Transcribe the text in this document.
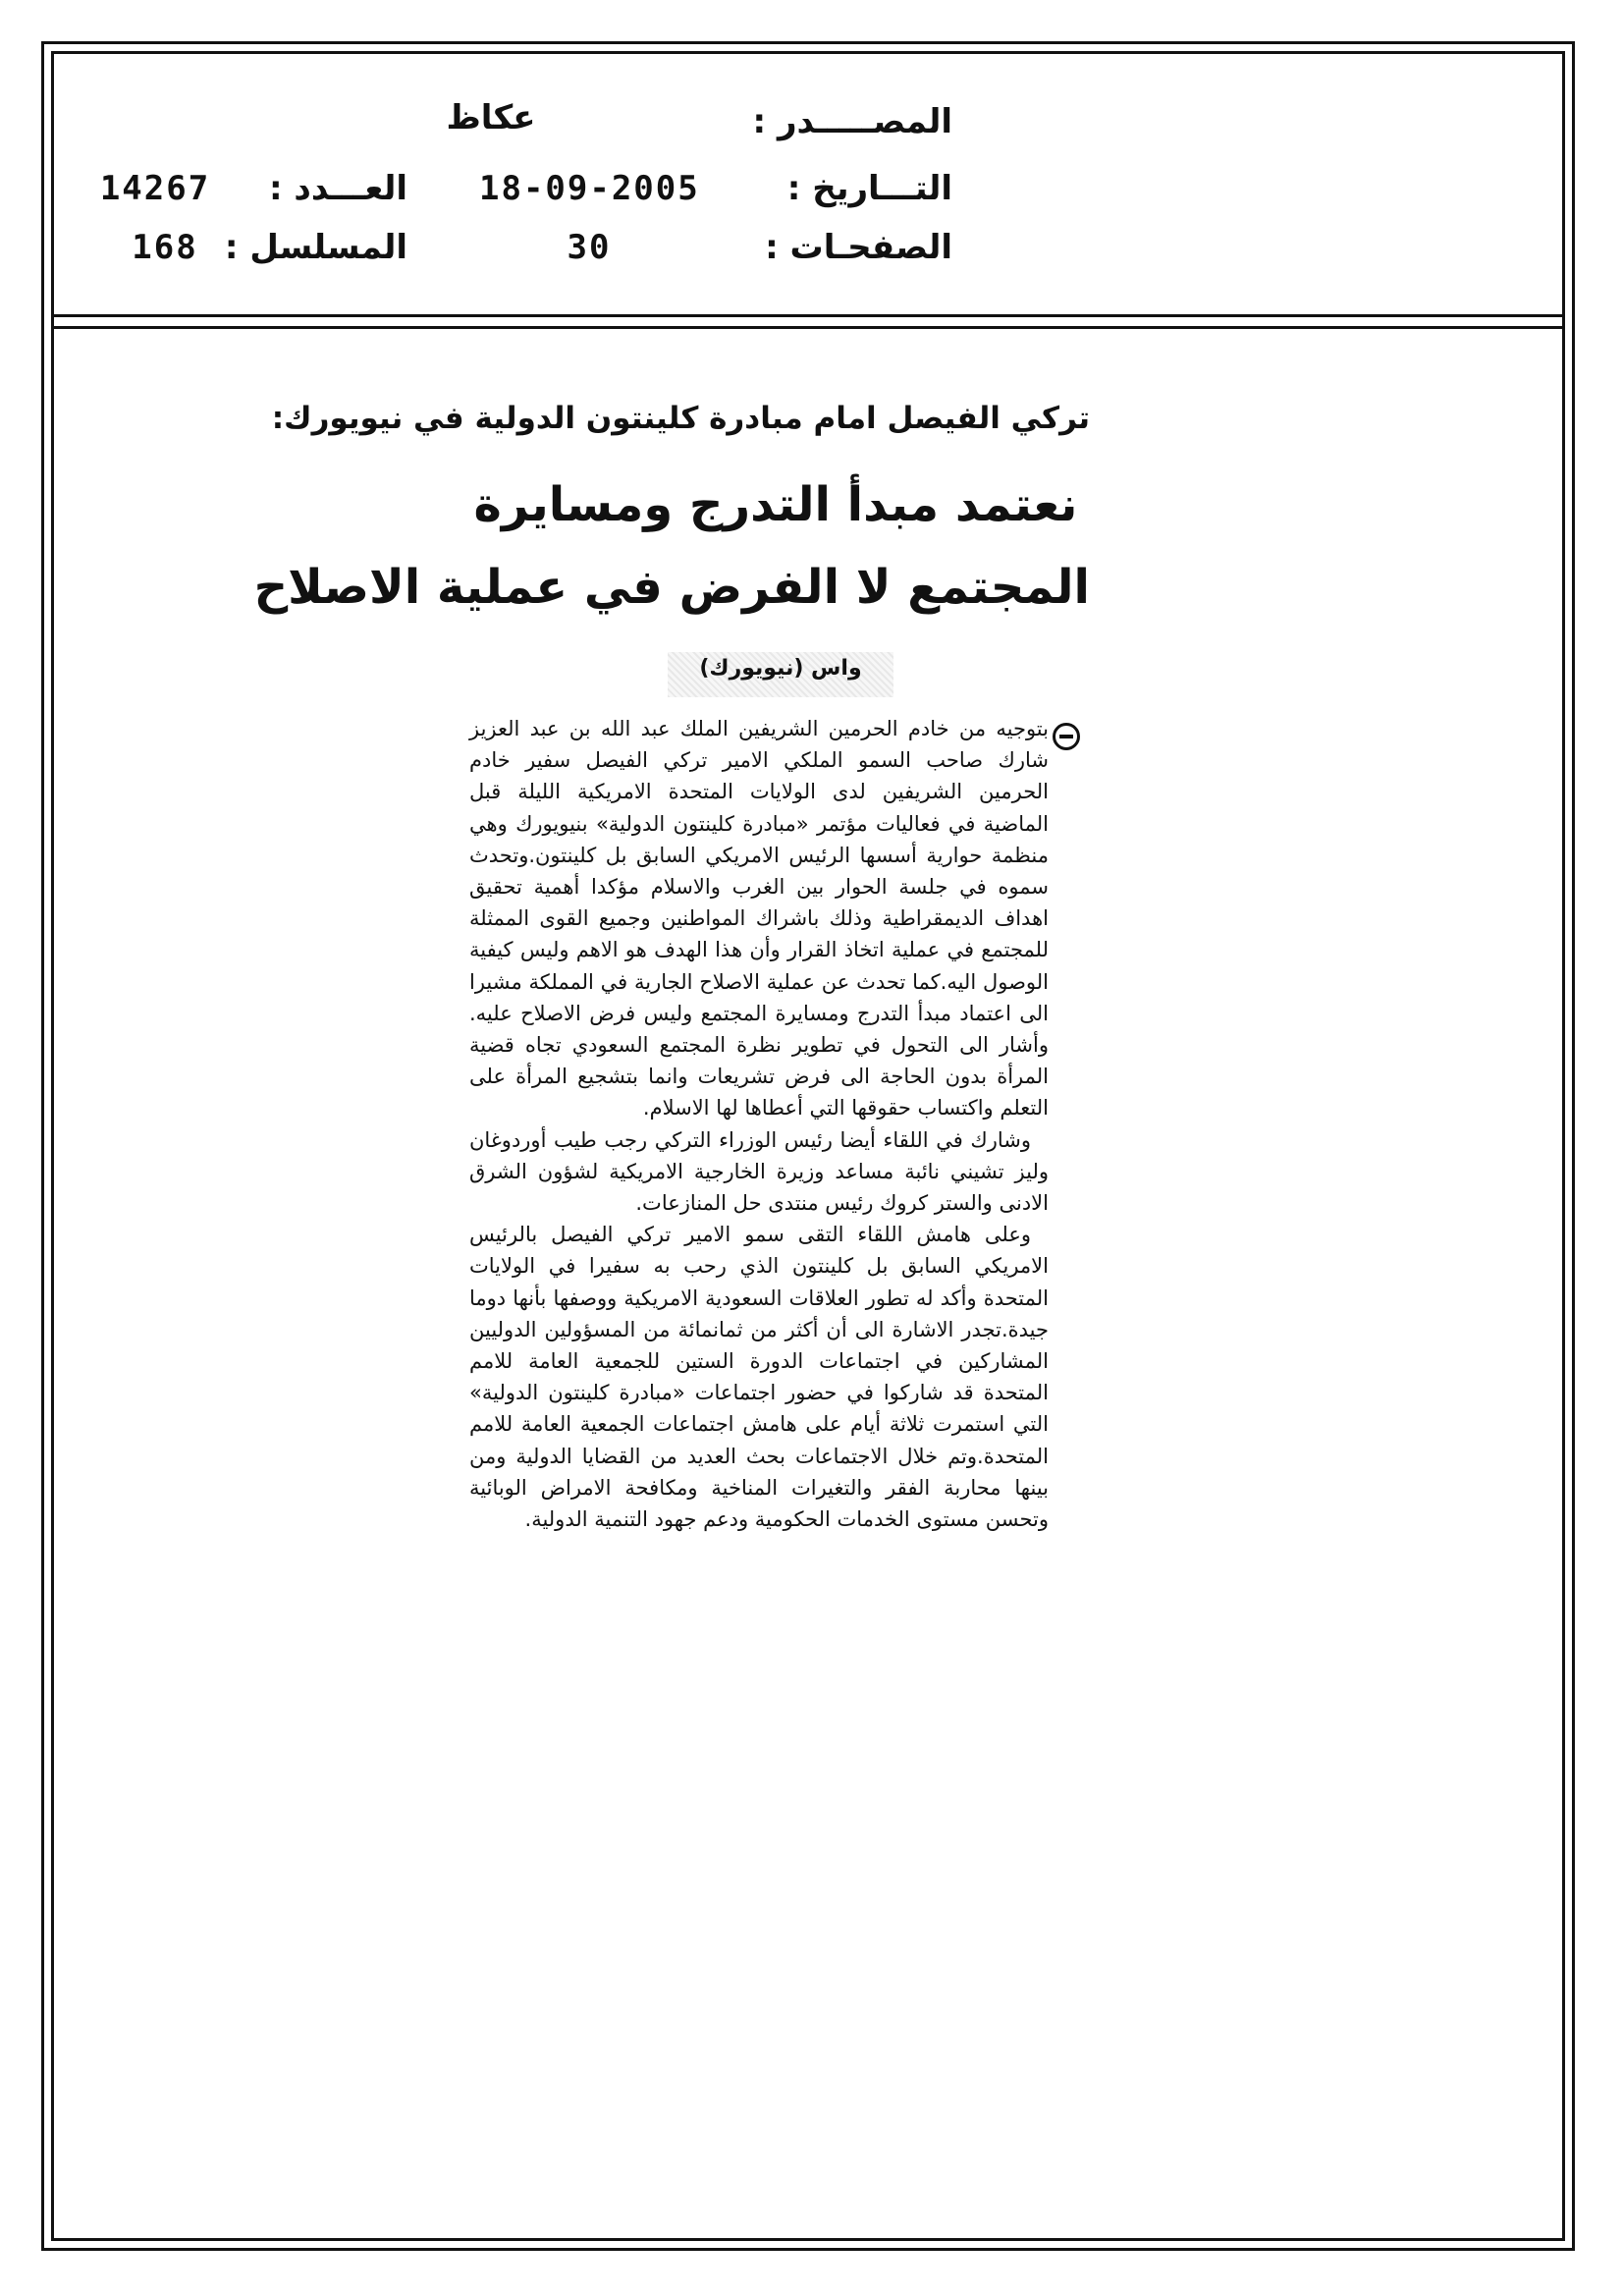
المصـــــدر :
عكاظ
التـــاريخ :
18-09-2005
العـــدد :
14267
الصفحـات :
30
المسلسل :
168
تركي الفيصل امام مبادرة كلينتون الدولية في نيويورك:
نعتمد مبدأ التدرج ومسايرة
المجتمع لا الفرض في عملية الاصلاح
واس (نيويورك)

بتوجيه من خادم الحرمين الشريفين الملك عبد الله بن عبد العزيز شارك صاحب السمو الملكي الامير تركي الفيصل سفير خادم الحرمين الشريفين لدى الولايات المتحدة الامريكية الليلة قبل الماضية في فعاليات مؤتمر «مبادرة كلينتون الدولية» بنيويورك وهي منظمة حوارية أسسها الرئيس الامريكي السابق بل كلينتون.وتحدث سموه في جلسة الحوار بين الغرب والاسلام مؤكدا أهمية تحقيق اهداف الديمقراطية وذلك باشراك المواطنين وجميع القوى الممثلة للمجتمع في عملية اتخاذ القرار وأن هذا الهدف هو الاهم وليس كيفية الوصول اليه.كما تحدث عن عملية الاصلاح الجارية في المملكة مشيرا الى اعتماد مبدأ التدرج ومسايرة المجتمع وليس فرض الاصلاح عليه. وأشار الى التحول في تطوير نظرة المجتمع السعودي تجاه قضية المرأة بدون الحاجة الى فرض تشريعات وانما بتشجيع المرأة على التعلم واكتساب حقوقها التي أعطاها لها الاسلام.

وشارك في اللقاء أيضا رئيس الوزراء التركي رجب طيب أوردوغان وليز تشيني نائبة مساعد وزيرة الخارجية الامريكية لشؤون الشرق الادنى والستر كروك رئيس منتدى حل المنازعات.

وعلى هامش اللقاء التقى سمو الامير تركي الفيصل بالرئيس الامريكي السابق بل كلينتون الذي رحب به سفيرا في الولايات المتحدة وأكد له تطور العلاقات السعودية الامريكية ووصفها بأنها دوما جيدة.تجدر الاشارة الى أن أكثر من ثمانمائة من المسؤولين الدوليين المشاركين في اجتماعات الدورة الستين للجمعية العامة للامم المتحدة قد شاركوا في حضور اجتماعات «مبادرة كلينتون الدولية» التي استمرت ثلاثة أيام على هامش اجتماعات الجمعية العامة للامم المتحدة.وتم خلال الاجتماعات بحث العديد من القضايا الدولية ومن بينها محاربة الفقر والتغيرات المناخية ومكافحة الامراض الوبائية وتحسن مستوى الخدمات الحكومية ودعم جهود التنمية الدولية.
